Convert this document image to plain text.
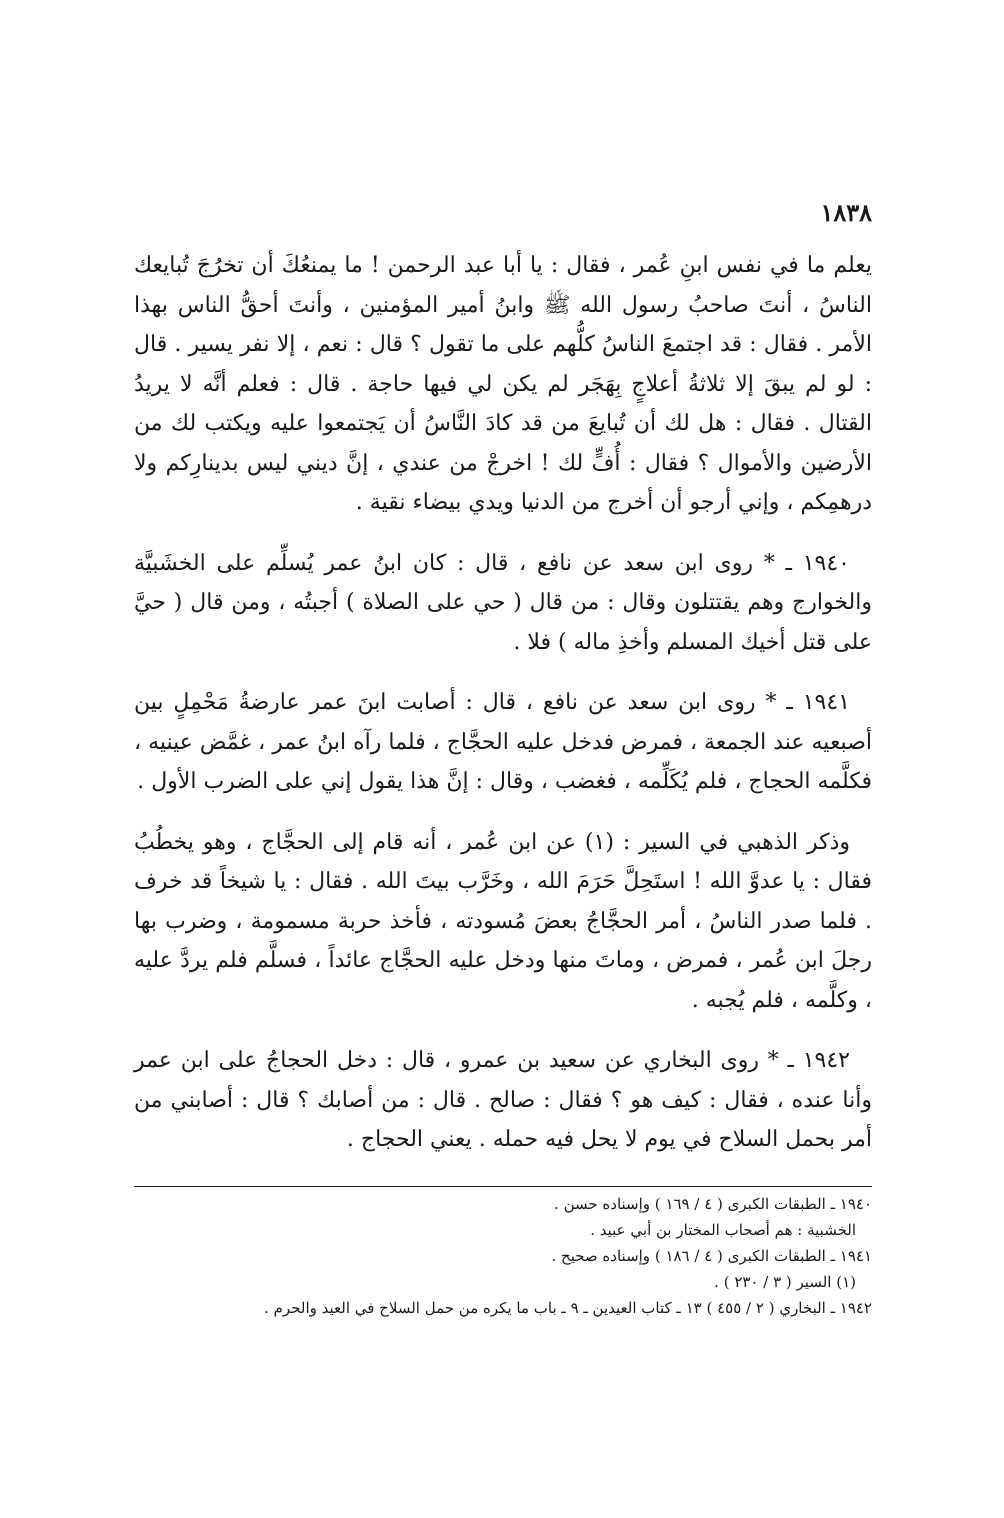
١٨٣٨

يعلم ما في نفس ابنِ عُمر ، فقال : يا أبا عبد الرحمن ! ما يمنعُكَ أن تخرُجَ تُبايعك الناسُ ، أنتَ صاحبُ رسول الله ﷺ وابنُ أمير المؤمنين ، وأنتَ أحقُّ الناس بهذا الأمر . فقال : قد اجتمعَ الناسُ كلُّهم على ما تقول ؟ قال : نعم ، إلا نفر يسير . قال : لو لم يبقَ إلا ثلاثةُ أعلاجٍ بِهَجَر لم يكن لي فيها حاجة . قال : فعلم أنَّه لا يريدُ القتال . فقال : هل لك أن تُبايعَ من قد كادَ النَّاسُ أن يَجتمعوا عليه ويكتب لك من الأرضين والأموال ؟ فقال : أُفٍّ لك ! اخرجْ من عندي ، إنَّ ديني ليس بدينارِكم ولا درهمِكم ، وإني أرجو أن أخرج من الدنيا ويدي بيضاء نقية .

١٩٤٠ ـ * روى ابن سعد عن نافع ، قال : كان ابنُ عمر يُسلِّم على الخشَبيَّة والخوارج وهم يقتتلون وقال : من قال ( حي على الصلاة ) أجبتُه ، ومن قال ( حيَّ على قتل أخيك المسلم وأخذِ ماله ) فلا .

١٩٤١ ـ * روى ابن سعد عن نافع ، قال : أصابت ابنَ عمر عارضةُ مَحْمِلٍ بين أصبعيه عند الجمعة ، فمرض فدخل عليه الحجَّاج ، فلما رآه ابنُ عمر ، غمَّض عينيه ، فكلَّمه الحجاج ، فلم يُكَلِّمه ، فغضب ، وقال : إنَّ هذا يقول إني على الضرب الأول .

وذكر الذهبي في السير : (١) عن ابن عُمر ، أنه قام إلى الحجَّاج ، وهو يخطُبُ فقال : يا عدوَّ الله ! استَحِلَّ حَرَمَ الله ، وخَرَّب بيتَ الله . فقال : يا شيخاً قد خرف . فلما صدر الناسُ ، أمر الحجَّاجُ بعضَ مُسودته ، فأخذ حربة مسمومة ، وضرب بها رجلَ ابن عُمر ، فمرض ، وماتَ منها ودخل عليه الحجَّاج عائداً ، فسلَّم فلم يردَّ عليه ، وكلَّمه ، فلم يُجبه .

١٩٤٢ ـ * روى البخاري عن سعيد بن عمرو ، قال : دخل الحجاجُ على ابن عمر وأنا عنده ، فقال : كيف هو ؟ فقال : صالح . قال : من أصابك ؟ قال : أصابني من أمر بحمل السلاح في يوم لا يحل فيه حمله . يعني الحجاج .

١٩٤٠ ـ الطبقات الكبرى ( ٤ / ١٦٩ ) وإسناده حسن .

الخشبية : هم أصحاب المختار بن أبي عبيد .

١٩٤١ ـ الطبقات الكبرى ( ٤ / ١٨٦ ) وإسناده صحيح .

(١) السير ( ٣ / ٢٣٠ ) .

١٩٤٢ ـ البخاري ( ٢ / ٤٥٥ ) ١٣ ـ كتاب العيدين ـ ٩ ـ باب ما يكره من حمل السلاح في العيد والحرم .
